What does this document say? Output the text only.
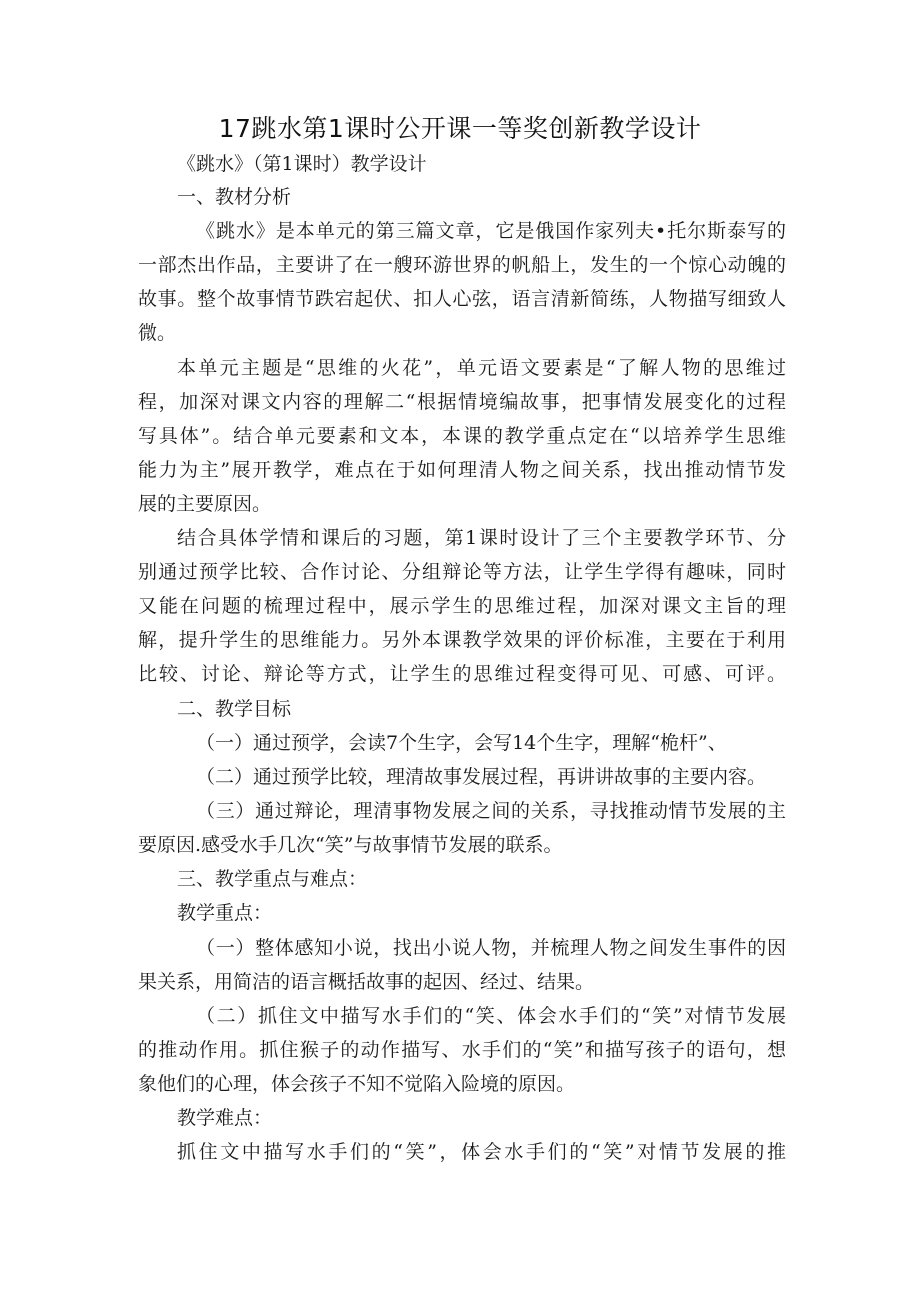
17跳水第1课时公开课一等奖创新教学设计
《跳水》（第1课时）教学设计
一、教材分析
《跳水》是本单元的第三篇文章，它是俄国作家列夫•托尔斯泰写的
一部杰出作品，主要讲了在一艘环游世界的帆船上，发生的一个惊心动魄的
故事。整个故事情节跌宕起伏、扣人心弦，语言清新简练，人物描写细致人
微。
本单元主题是“思维的火花”，单元语文要素是“了解人物的思维过
程，加深对课文内容的理解二“根据情境编故事，把事情发展变化的过程
写具体”。结合单元要素和文本，本课的教学重点定在“以培养学生思维
能力为主”展开教学，难点在于如何理清人物之间关系，找出推动情节发
展的主要原因。
结合具体学情和课后的习题，第1课时设计了三个主要教学环节、分
别通过预学比较、合作讨论、分组辩论等方法，让学生学得有趣味，同时
又能在问题的梳理过程中，展示学生的思维过程，加深对课文主旨的理
解，提升学生的思维能力。另外本课教学效果的评价标准，主要在于利用
比较、讨论、辩论等方式，让学生的思维过程变得可见、可感、可评。
二、教学目标
（一）通过预学，会读7个生字，会写14个生字，理解“桅杆”、
（二）通过预学比较，理清故事发展过程，再讲讲故事的主要内容。
（三）通过辩论，理清事物发展之间的关系，寻找推动情节发展的主
要原因.感受水手几次“笑”与故事情节发展的联系。
三、教学重点与难点：
教学重点：
（一）整体感知小说，找出小说人物，并梳理人物之间发生事件的因
果关系，用简洁的语言概括故事的起因、经过、结果。
（二）抓住文中描写水手们的“笑、体会水手们的“笑”对情节发展
的推动作用。抓住猴子的动作描写、水手们的“笑”和描写孩子的语句，想
象他们的心理，体会孩子不知不觉陷入险境的原因。
教学难点：
抓住文中描写水手们的“笑”，体会水手们的“笑”对情节发展的推
